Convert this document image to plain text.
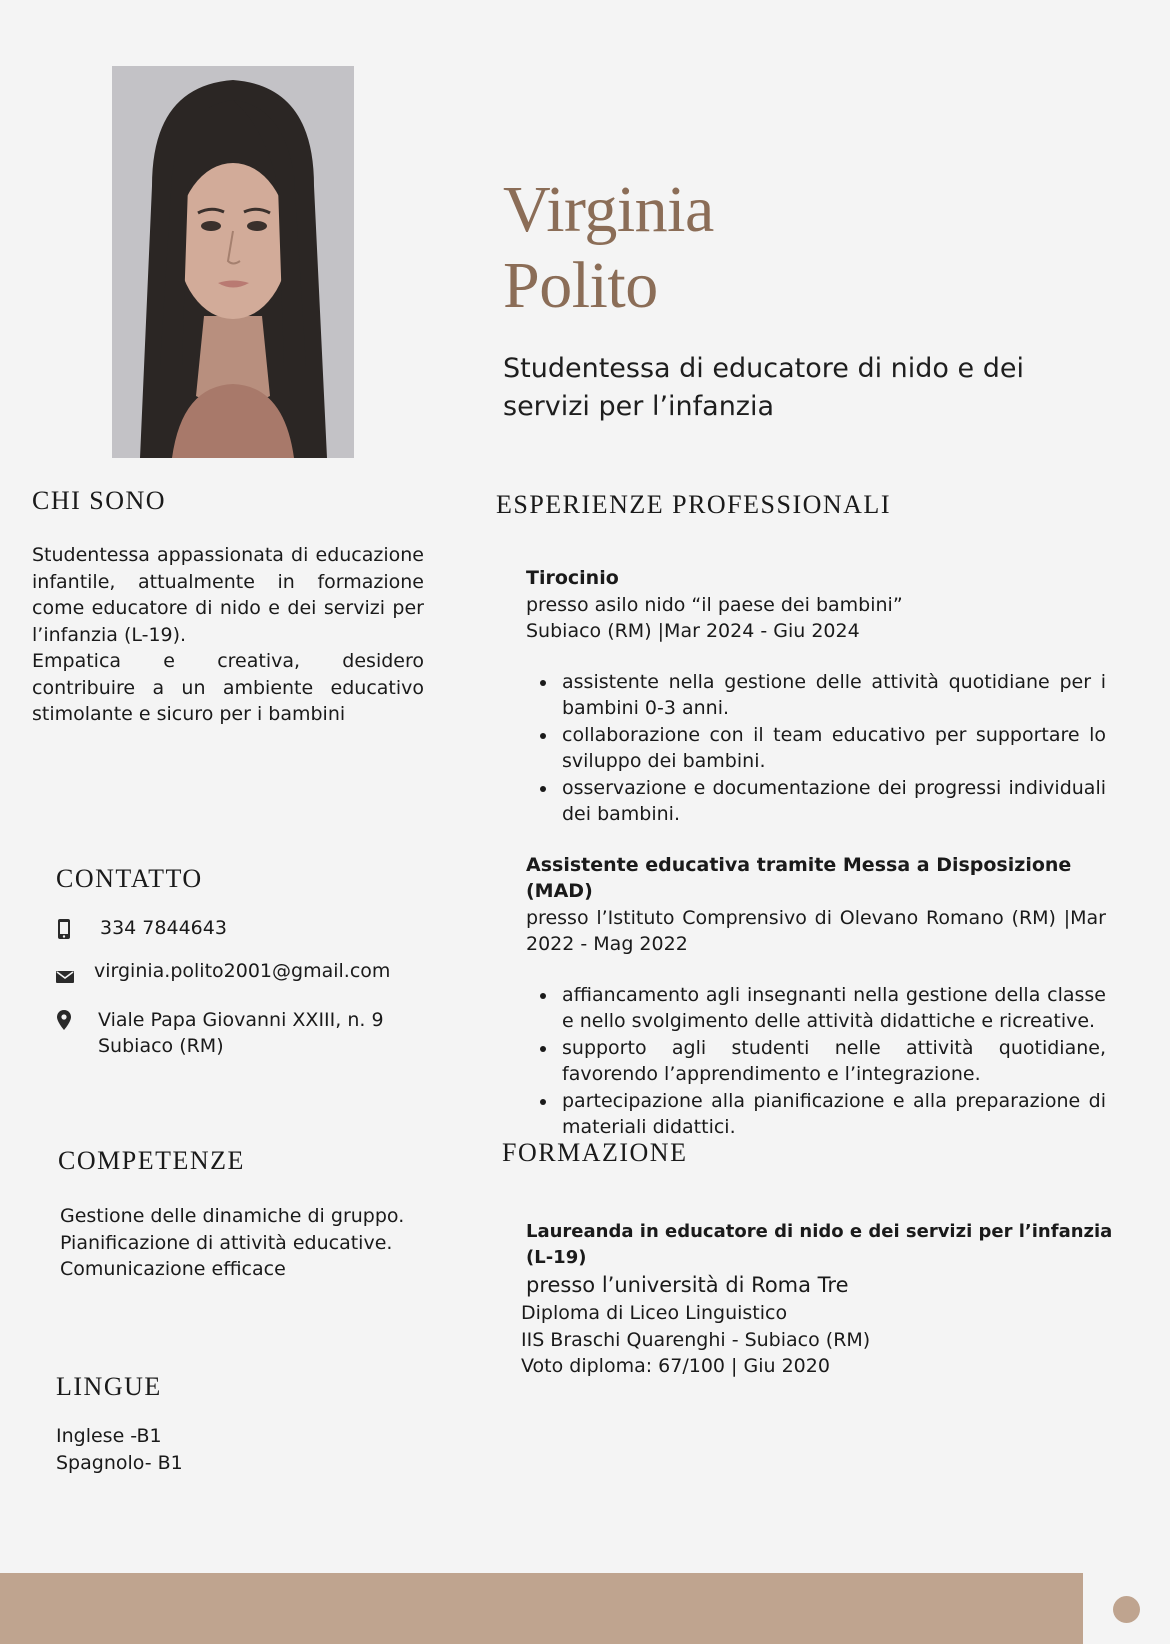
Virginia
Polito
Studentessa di educatore di nido e dei servizi per l’infanzia
CHI SONO
Studentessa appassionata di educazione infantile, attualmente in formazione come educatore di nido e dei servizi per l’infanzia (L-19).
Empatica e creativa, desidero contribuire a un ambiente educativo stimolante e sicuro per i bambini
CONTATTO
334 7844643
virginia.polito2001@gmail.com
Viale Papa Giovanni XXIII, n. 9
Subiaco (RM)
COMPETENZE
Gestione delle dinamiche di gruppo.
Pianificazione di attività educative.
Comunicazione efficace
LINGUE
Inglese -B1
Spagnolo- B1
ESPERIENZE PROFESSIONALI
Tirocinio
presso asilo nido “il paese dei bambini”
Subiaco (RM) |Mar 2024 - Giu 2024
• assistente nella gestione delle attività quotidiane per i bambini 0-3 anni.
• collaborazione con il team educativo per supportare lo sviluppo dei bambini.
• osservazione e documentazione dei progressi individuali dei bambini.
Assistente educativa tramite Messa a Disposizione (MAD)
presso l’Istituto Comprensivo di Olevano Romano (RM) |Mar 2022 - Mag 2022
• affiancamento agli insegnanti nella gestione della classe e nello svolgimento delle attività didattiche e ricreative.
• supporto agli studenti nelle attività quotidiane, favorendo l’apprendimento e l’integrazione.
• partecipazione alla pianificazione e alla preparazione di materiali didattici.
FORMAZIONE
Laureanda in educatore di nido e dei servizi per l’infanzia (L-19)
presso l’università di Roma Tre
Diploma di Liceo Linguistico
IIS Braschi Quarenghi - Subiaco (RM)
Voto diploma: 67/100 | Giu 2020
